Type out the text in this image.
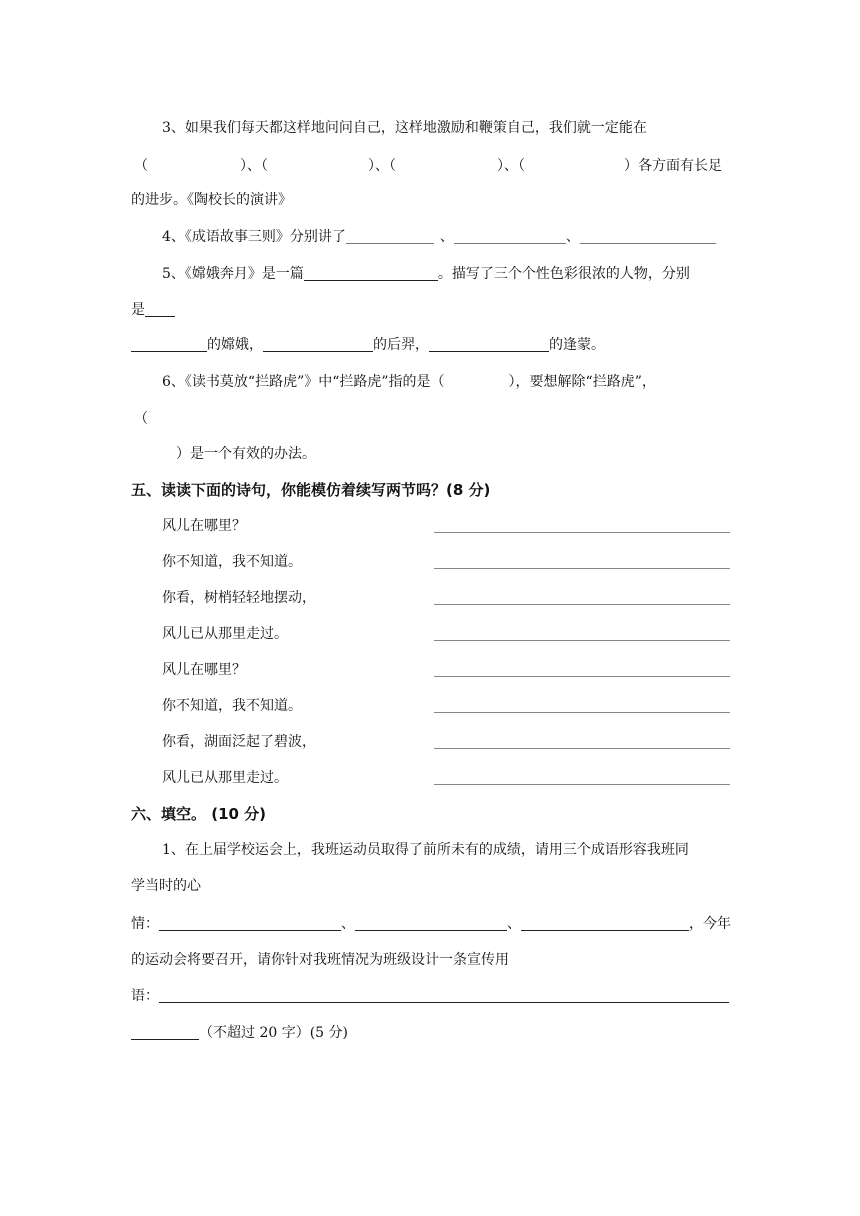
3、如果我们每天都这样地问问自己，这样地激励和鞭策自己，我们就一定能在
（	）、（	）、（	）、（	）各方面有长足
的进步。《陶校长的演讲》
4、《成语故事三则》分别讲了	、	、
5、《嫦娥奔月》是一篇	。描写了三个个性色彩很浓的人物，分别
是
的嫦娥，	的后羿，	的逢蒙。
6、《读书莫放“拦路虎”》中“拦路虎”指的是（	），要想解除“拦路虎”，
（
）是一个有效的办法。
五、读读下面的诗句，你能模仿着续写两节吗？(8 分)
风儿在哪里？
你不知道，我不知道。
你看，树梢轻轻地摆动，
风儿已从那里走过。
风儿在哪里？
你不知道，我不知道。
你看，湖面泛起了碧波，
风儿已从那里走过。
六、填空。 (10 分)
1、在上届学校运会上，我班运动员取得了前所未有的成绩，请用三个成语形容我班同
学当时的心
情：	、	、	，今年
的运动会将要召开，请你针对我班情况为班级设计一条宣传用
语：
（不超过 20 字）(5 分)
